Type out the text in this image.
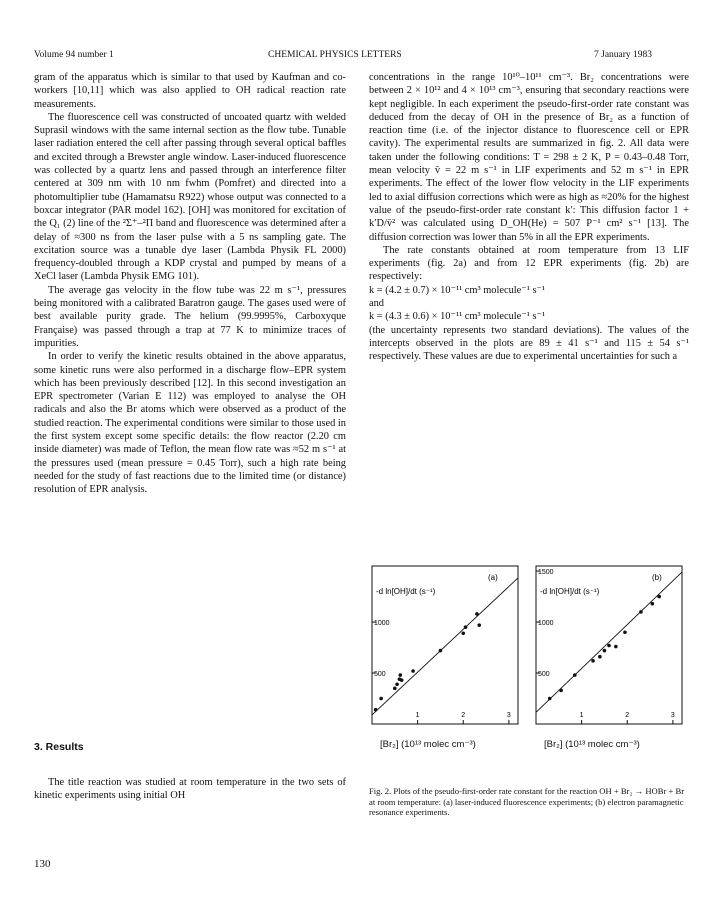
Volume 94 number 1	CHEMICAL PHYSICS LETTERS	7 January 1983

gram of the apparatus which is similar to that used by Kaufman and co-workers [10,11] which was also applied to OH radical reaction rate measurements.

The fluorescence cell was constructed of uncoated quartz with welded Suprasil windows with the same internal section as the flow tube. Tunable laser radiation entered the cell after passing through several optical baffles and excited through a Brewster angle window. Laser-induced fluorescence was collected by a quartz lens and passed through an interference filter centered at 309 nm with 10 nm fwhm (Pomfret) and directed into a photomultiplier tube (Hamamatsu R922) whose output was connected to a boxcar integrator (PAR model 162). [OH] was monitored for excitation of the Q₁ (2) line of the ²Σ⁺–²Π band and fluorescence was determined after a delay of ≈300 ns from the laser pulse with a 5 ns sampling gate. The excitation source was a tunable dye laser (Lambda Physik FL 2000) frequency-doubled through a KDP crystal and pumped by means of a XeCl laser (Lambda Physik EMG 101).

The average gas velocity in the flow tube was 22 m s⁻¹, pressures being monitored with a calibrated Baratron gauge. The gases used were of best available purity grade. The helium (99.9995%, Carboxyque Française) was passed through a trap at 77 K to minimize traces of impurities.

In order to verify the kinetic results obtained in the above apparatus, some kinetic runs were also performed in a discharge flow–EPR system which has been previously described [12]. In this second investigation an EPR spectrometer (Varian E 112) was employed to analyse the OH radicals and also the Br atoms which were observed as a product of the studied reaction. The experimental conditions were similar to those used in the first system except some specific details: the flow reactor (2.20 cm inside diameter) was made of Teflon, the mean flow rate was ≈52 m s⁻¹ at the pressures used (mean pressure = 0.45 Torr), such a high rate being needed for the study of fast reactions due to the limited time (or distance) resolution of EPR analysis.

3. Results

The title reaction was studied at room temperature in the two sets of kinetic experiments using initial OH

concentrations in the range 10¹⁰–10¹¹ cm⁻³. Br₂ concentrations were between 2 × 10¹² and 4 × 10¹³ cm⁻³, ensuring that secondary reactions were kept negligible. In each experiment the pseudo-first-order rate constant was deduced from the decay of OH in the presence of Br₂ as a function of reaction time (i.e. of the injector distance to fluorescence cell or EPR cavity). The experimental results are summarized in fig. 2. All data were taken under the following conditions: T = 298 ± 2 K, P = 0.43–0.48 Torr, mean velocity v̄ = 22 m s⁻¹ in LIF experiments and 52 m s⁻¹ in EPR experiments. The effect of the lower flow velocity in the LIF experiments led to axial diffusion corrections which were as high as ≈20% for the highest value of the pseudo-first-order rate constant k′: This diffusion factor 1 + k′D/v̄² was calculated using D_OH(He) = 507 P⁻¹ cm² s⁻¹ [13]. The diffusion correction was lower than 5% in all the EPR experiments.

The rate constants obtained at room temperature from 13 LIF experiments (fig. 2a) and from 12 EPR experiments (fig. 2b) are respectively:

k = (4.2 ± 0.7) × 10⁻¹¹ cm³ molecule⁻¹ s⁻¹

and

k = (4.3 ± 0.6) × 10⁻¹¹ cm³ molecule⁻¹ s⁻¹

(the uncertainty represents two standard deviations). The values of the intercepts observed in the plots are 89 ± 41 s⁻¹ and 115 ± 54 s⁻¹ respectively. These values are due to experimental uncertainties for such a

500
1000
1	2	3
-d ln[OH]/dt (s⁻¹)
(a)
[Br₂] (10¹³ molec cm⁻³)
500
1000
1500
1	2	3
-d ln[OH]/dt (s⁻¹)
(b)
[Br₂] (10¹³ molec cm⁻³)
Fig. 2. Plots of the pseudo-first-order rate constant for the reaction OH + Br₂ → HOBr + Br at room temperature: (a) laser-induced fluorescence experiments; (b) electron paramagnetic resonance experiments.
130
